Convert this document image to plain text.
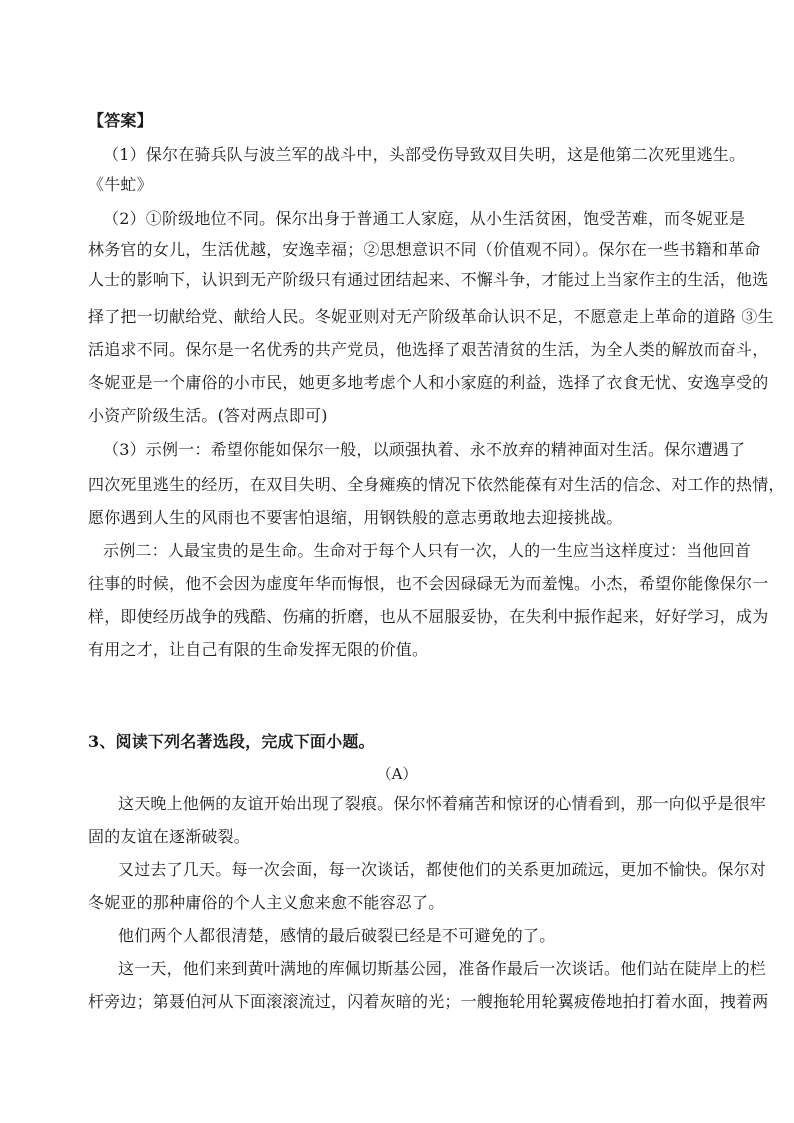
【答案】
（1）保尔在骑兵队与波兰军的战斗中，头部受伤导致双目失明，这是他第二次死里逃生。
《牛虻》
（2）①阶级地位不同。保尔出身于普通工人家庭，从小生活贫困，饱受苦难，而冬妮亚是
林务官的女儿，生活优越，安逸幸福；②思想意识不同（价值观不同）。保尔在一些书籍和革命
人士的影响下，认识到无产阶级只有通过团结起来、不懈斗争，才能过上当家作主的生活，他选
择了把一切献给党、献给人民。冬妮亚则对无产阶级革命认识不足，不愿意走上革命的道路 ③生
活追求不同。保尔是一名优秀的共产党员，他选择了艰苦清贫的生活，为全人类的解放而奋斗，
冬妮亚是一个庸俗的小市民，她更多地考虑个人和小家庭的利益，选择了衣食无忧、安逸享受的
小资产阶级生活。(答对两点即可)
（3）示例一：希望你能如保尔一般，以顽强执着、永不放弃的精神面对生活。保尔遭遇了
四次死里逃生的经历，在双目失明、全身瘫痪的情况下依然能葆有对生活的信念、对工作的热情，
愿你遇到人生的风雨也不要害怕退缩，用钢铁般的意志勇敢地去迎接挑战。
示例二：人最宝贵的是生命。生命对于每个人只有一次，人的一生应当这样度过：当他回首
往事的时候，他不会因为虚度年华而悔恨，也不会因碌碌无为而羞愧。小杰，希望你能像保尔一
样，即使经历战争的残酷、伤痛的折磨，也从不屈服妥协，在失利中振作起来，好好学习，成为
有用之才，让自己有限的生命发挥无限的价值。
3、阅读下列名著选段，完成下面小题。
（A）
这天晚上他俩的友谊开始出现了裂痕。保尔怀着痛苦和惊讶的心情看到，那一向似乎是很牢
固的友谊在逐渐破裂。
又过去了几天。每一次会面，每一次谈话，都使他们的关系更加疏远，更加不愉快。保尔对
冬妮亚的那种庸俗的个人主义愈来愈不能容忍了。
他们两个人都很清楚，感情的最后破裂已经是不可避免的了。
这一天，他们来到黄叶满地的库佩切斯基公园，准备作最后一次谈话。他们站在陡岸上的栏
杆旁边；第聂伯河从下面滚滚流过，闪着灰暗的光；一艘拖轮用轮翼疲倦地拍打着水面，拽着两
